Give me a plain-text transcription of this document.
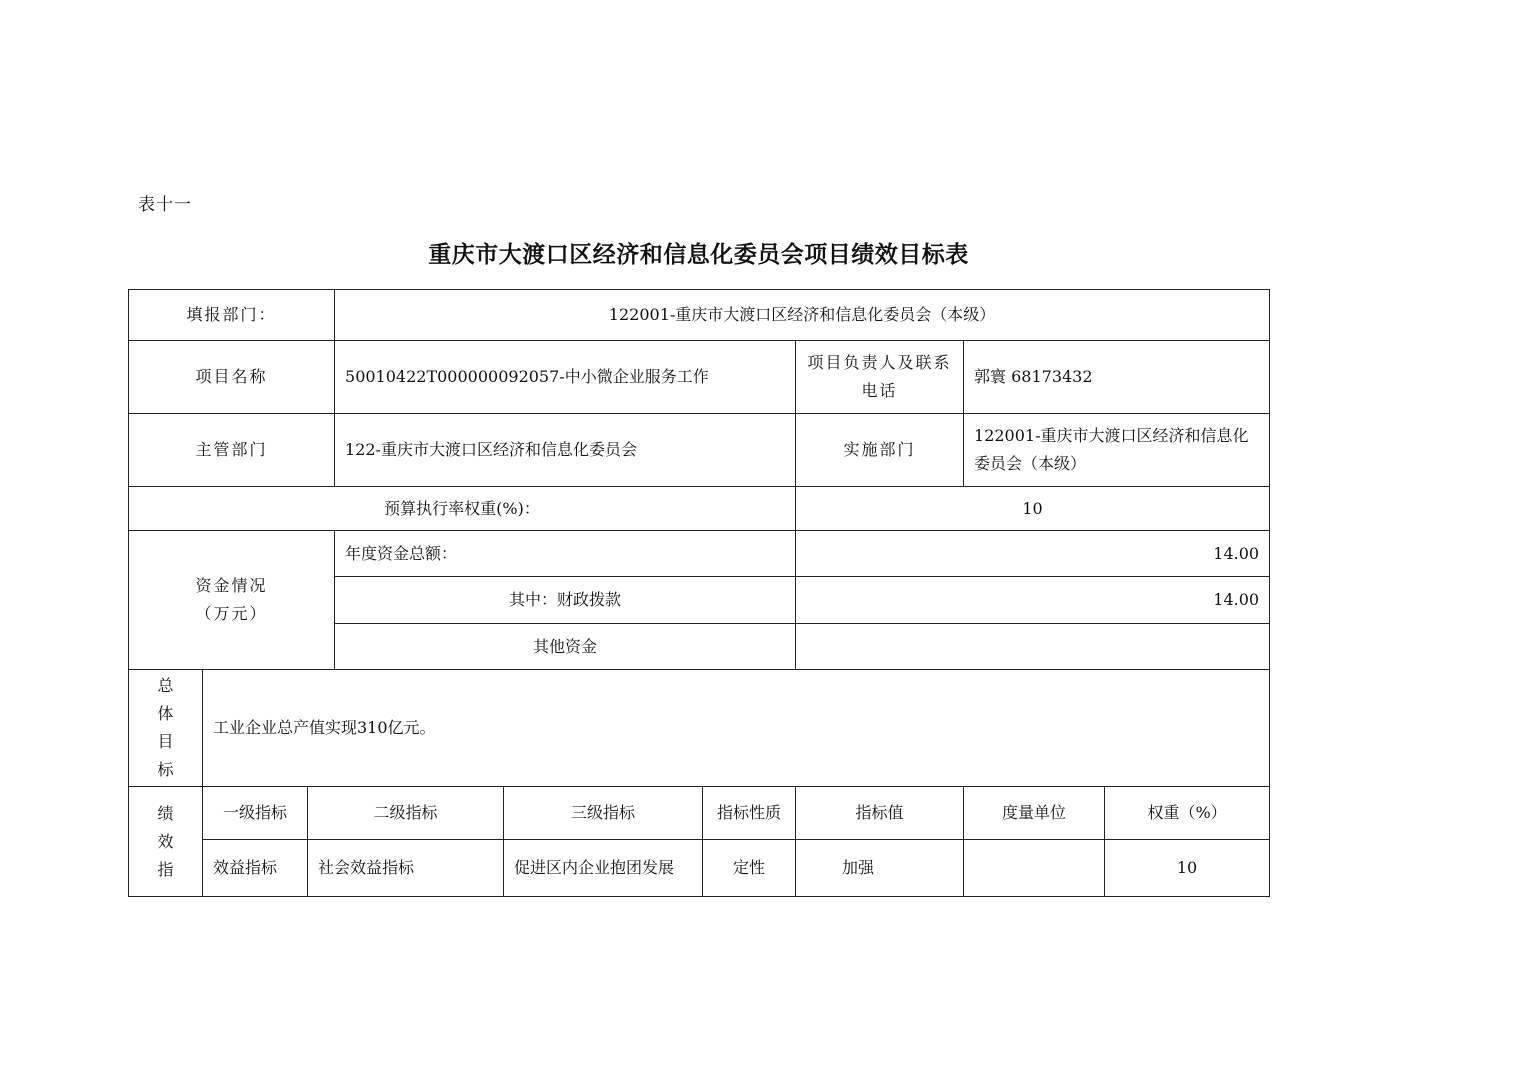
表十一
重庆市大渡口区经济和信息化委员会项目绩效目标表
填报部门：			122001-重庆市大渡口区经济和信息化委员会（本级）					
项目名称			50010422T000000092057-中小微企业服务工作			项目负责人及联系电话	郭寰 68173432	
主管部门			122-重庆市大渡口区经济和信息化委员会			实施部门	122001-重庆市大渡口区经济和信息化委员会（本级）	
预算执行率权重(%)：						10		

资金情况
（万元）			年度资金总额：			14.00		
			其中：财政拨款			14.00		
			其他资金					

总
体
目
标	工业企业总产值实现310亿元。							

绩
效
指	一级指标	二级指标		三级指标	指标性质	指标值	度量单位	权重（%）
	效益指标	社会效益指标		促进区内企业抱团发展	定性	加强		10
